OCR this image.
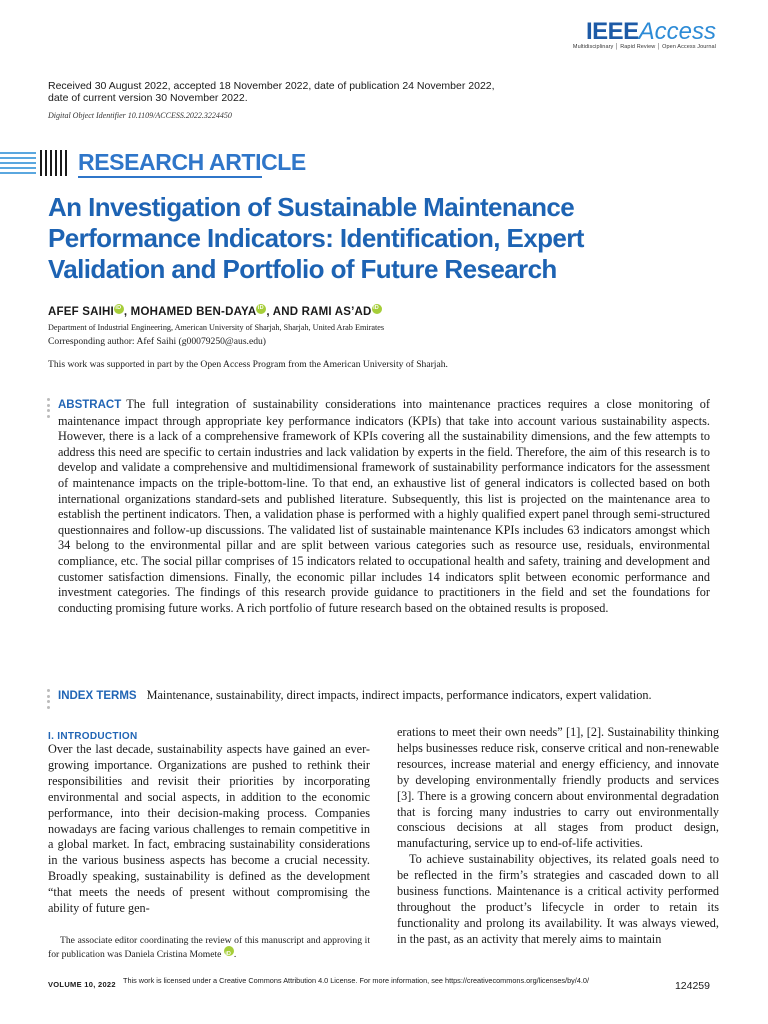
IEEEAccess
Multidisciplinary │ Rapid Review │ Open Access Journal
Received 30 August 2022, accepted 18 November 2022, date of publication 24 November 2022,
date of current version 30 November 2022.
Digital Object Identifier 10.1109/ACCESS.2022.3224450
RESEARCH ARTICLE
An Investigation of Sustainable Maintenance
Performance Indicators: Identification, Expert
Validation and Portfolio of Future Research
AFEF SAIHI iD , MOHAMED BEN-DAYA iD , AND RAMI AS’ADiD
Department of Industrial Engineering, American University of Sharjah, Sharjah, United Arab Emirates
Corresponding author: Afef Saihi (g00079250@aus.edu)
This work was supported in part by the Open Access Program from the American University of Sharjah.
ABSTRACT The full integration of sustainability considerations into maintenance practices requires a close monitoring of maintenance impact through appropriate key performance indicators (KPIs) that take into account various sustainability aspects. However, there is a lack of a comprehensive framework of KPIs covering all the sustainability dimensions, and the few attempts to address this need are specific to certain industries and lack validation by experts in the field. Therefore, the aim of this research is to develop and validate a comprehensive and multidimensional framework of sustainability performance indicators for the assessment of maintenance impacts on the triple-bottom-line. To that end, an exhaustive list of general indicators is collected based on both international organizations standard-sets and published literature. Subsequently, this list is projected on the maintenance area to establish the pertinent indicators. Then, a validation phase is performed with a highly qualified expert panel through semi-structured questionnaires and follow-up discussions. The validated list of sustainable maintenance KPIs includes 63 indicators amongst which 34 belong to the environmental pillar and are split between various categories such as resource use, residuals, environmental compliance, etc. The social pillar comprises of 15 indicators related to occupational health and safety, training and development and customer satisfaction dimensions. Finally, the economic pillar includes 14 indicators split between economic performance and investment categories. The findings of this research provide guidance to practitioners in the field and set the foundations for conducting promising future works. A rich portfolio of future research based on the obtained results is proposed.
INDEX TERMS Maintenance, sustainability, direct impacts, indirect impacts, performance indicators, expert validation.
I. INTRODUCTION

Over the last decade, sustainability aspects have gained an ever-growing importance. Organizations are pushed to rethink their responsibilities and revisit their priorities by incorporating environmental and social aspects, in addition to the economic performance, into their decision-making process. Companies nowadays are facing various challenges to remain competitive in a global market. In fact, embracing sustainability considerations in the various business aspects has become a crucial necessity. Broadly speaking, sustainability is defined as the development “that meets the needs of present without compromising the ability of future gen-

erations to meet their own needs” [1], [2]. Sustainability thinking helps businesses reduce risk, conserve critical and non-renewable resources, increase material and energy efficiency, and innovate by developing environmentally friendly products and services [3]. There is a growing concern about environmental degradation that is forcing many industries to carry out environmentally conscious decisions at all stages from product design, manufacturing, service up to end-of-life activities.

To achieve sustainability objectives, its related goals need to be reflected in the firm’s strategies and cascaded down to all business functions. Maintenance is a critical activity performed throughout the product’s lifecycle in order to retain its functionality and prolong its availability. It was always viewed, in the past, as an activity that merely aims to maintain

The associate editor coordinating the review of this manuscript and approving it for publication was Daniela Cristina Momete iD .
VOLUME 10, 2022 This work is licensed under a Creative Commons Attribution 4.0 License. For more information, see https://creativecommons.org/licenses/by/4.0/	124259
